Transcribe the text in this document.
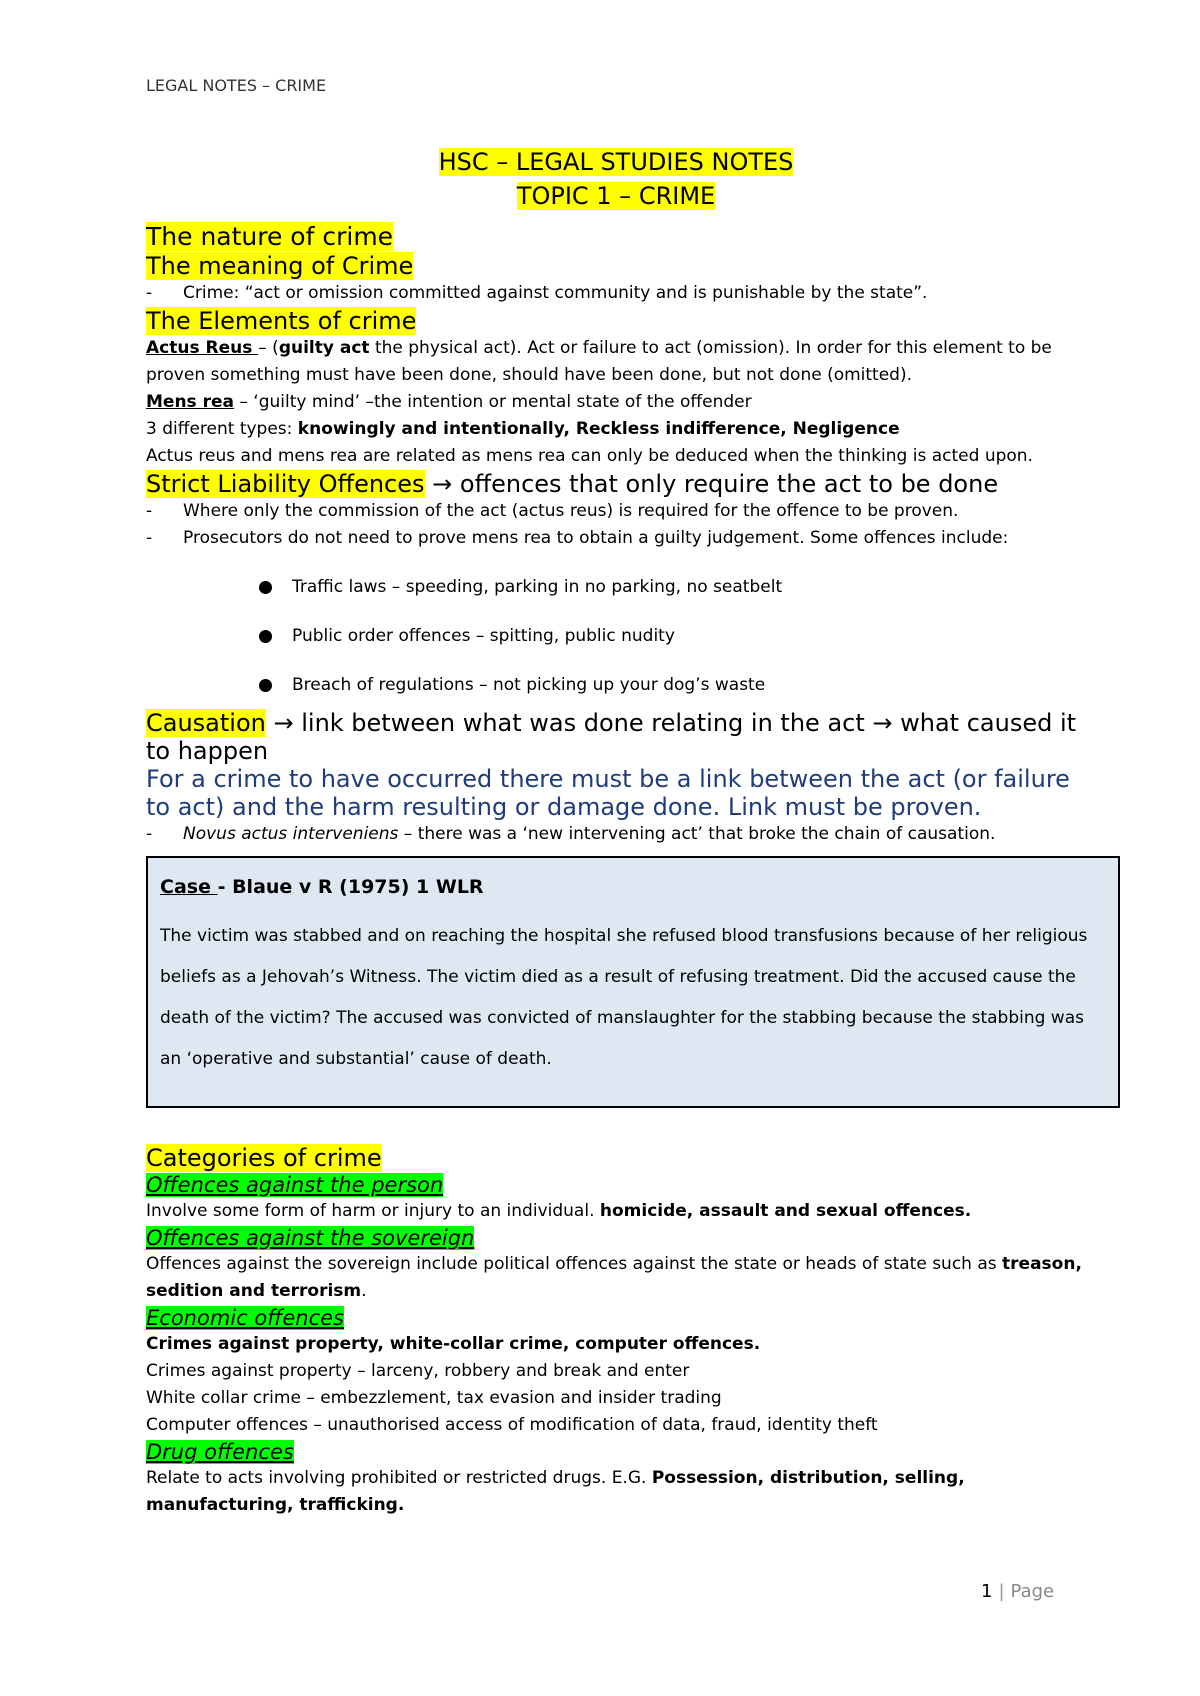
LEGAL NOTES – CRIME
HSC – LEGAL STUDIES NOTES
TOPIC 1 – CRIME
The nature of crime
The meaning of Crime
- Crime: “act or omission committed against community and is punishable by the state”.
The Elements of crime
Actus Reus – (guilty act the physical act). Act or failure to act (omission). In order for this element to be proven something must have been done, should have been done, but not done (omitted).
Mens rea – ‘guilty mind’ –the intention or mental state of the offender
3 different types: knowingly and intentionally, Reckless indifference, Negligence
Actus reus and mens rea are related as mens rea can only be deduced when the thinking is acted upon.
Strict Liability Offences → offences that only require the act to be done
- Where only the commission of the act (actus reus) is required for the offence to be proven.
- Prosecutors do not need to prove mens rea to obtain a guilty judgement. Some offences include:
Traffic laws – speeding, parking in no parking, no seatbelt
Public order offences – spitting, public nudity
Breach of regulations – not picking up your dog’s waste
Causation → link between what was done relating in the act → what caused it to happen
For a crime to have occurred there must be a link between the act (or failure to act) and the harm resulting or damage done. Link must be proven.
- Novus actus interveniens – there was a ‘new intervening act’ that broke the chain of causation.
Case - Blaue v R (1975) 1 WLR
The victim was stabbed and on reaching the hospital she refused blood transfusions because of her religious beliefs as a Jehovah’s Witness. The victim died as a result of refusing treatment. Did the accused cause the death of the victim? The accused was convicted of manslaughter for the stabbing because the stabbing was an ‘operative and substantial’ cause of death.
Categories of crime
Offences against the person
Involve some form of harm or injury to an individual. homicide, assault and sexual offences.
Offences against the sovereign
Offences against the sovereign include political offences against the state or heads of state such as treason, sedition and terrorism.
Economic offences
Crimes against property, white-collar crime, computer offences.
Crimes against property – larceny, robbery and break and enter
White collar crime – embezzlement, tax evasion and insider trading
Computer offences – unauthorised access of modification of data, fraud, identity theft
Drug offences
Relate to acts involving prohibited or restricted drugs. E.G. Possession, distribution, selling, manufacturing, trafficking.
1 | Page
